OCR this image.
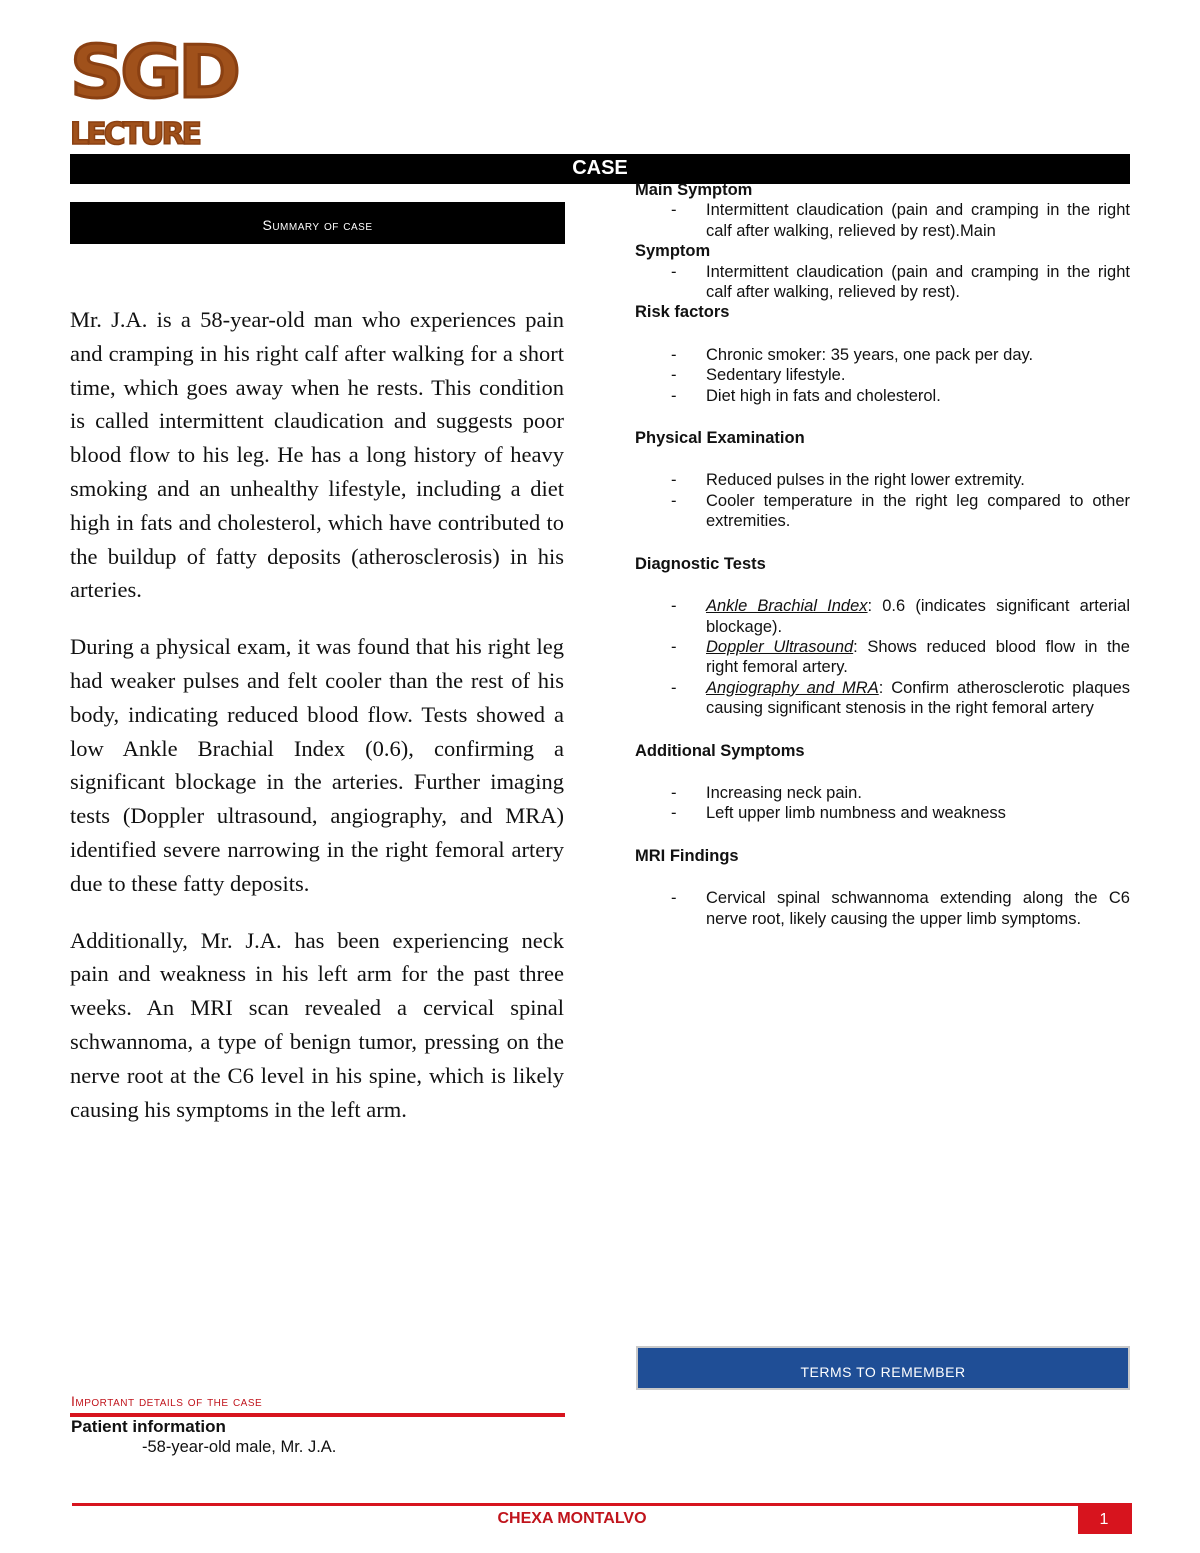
SGD
LECTURE
CASE
Summary of case

Mr. J.A. is a 58-year-old man who experiences pain and cramping in his right calf after walking for a short time, which goes away when he rests. This condition is called intermittent claudication and suggests poor blood flow to his leg. He has a long history of heavy smoking and an unhealthy lifestyle, including a diet high in fats and cholesterol, which have contributed to the buildup of fatty deposits (atherosclerosis) in his arteries.

During a physical exam, it was found that his right leg had weaker pulses and felt cooler than the rest of his body, indicating reduced blood flow. Tests showed a low Ankle Brachial Index (0.6), confirming a significant blockage in the arteries. Further imaging tests (Doppler ultrasound, angiography, and MRA) identified severe narrowing in the right femoral artery due to these fatty deposits.

Additionally, Mr. J.A. has been experiencing neck pain and weakness in his left arm for the past three weeks. An MRI scan revealed a cervical spinal schwannoma, a type of benign tumor, pressing on the nerve root at the C6 level in his spine, which is likely causing his symptoms in the left arm.

Main Symptom

- Intermittent claudication (pain and cramping in the right calf after walking, relieved by rest).Main

Symptom

- Intermittent claudication (pain and cramping in the right calf after walking, relieved by rest).

Risk factors

- Chronic smoker: 35 years, one pack per day.
- Sedentary lifestyle.
- Diet high in fats and cholesterol.

Physical Examination

- Reduced pulses in the right lower extremity.
- Cooler temperature in the right leg compared to other extremities.

Diagnostic Tests

- Ankle Brachial Index: 0.6 (indicates significant arterial blockage).
- Doppler Ultrasound: Shows reduced blood flow in the right femoral artery.
- Angiography and MRA: Confirm atherosclerotic plaques causing significant stenosis in the right femoral artery

Additional Symptoms

- Increasing neck pain.
- Left upper limb numbness and weakness

MRI Findings

- Cervical spinal schwannoma extending along the C6 nerve root, likely causing the upper limb symptoms.
TERMS TO REMEMBER
Important details of the case
Patient information
-58-year-old male, Mr. J.A.
CHEXA MONTALVO	1
